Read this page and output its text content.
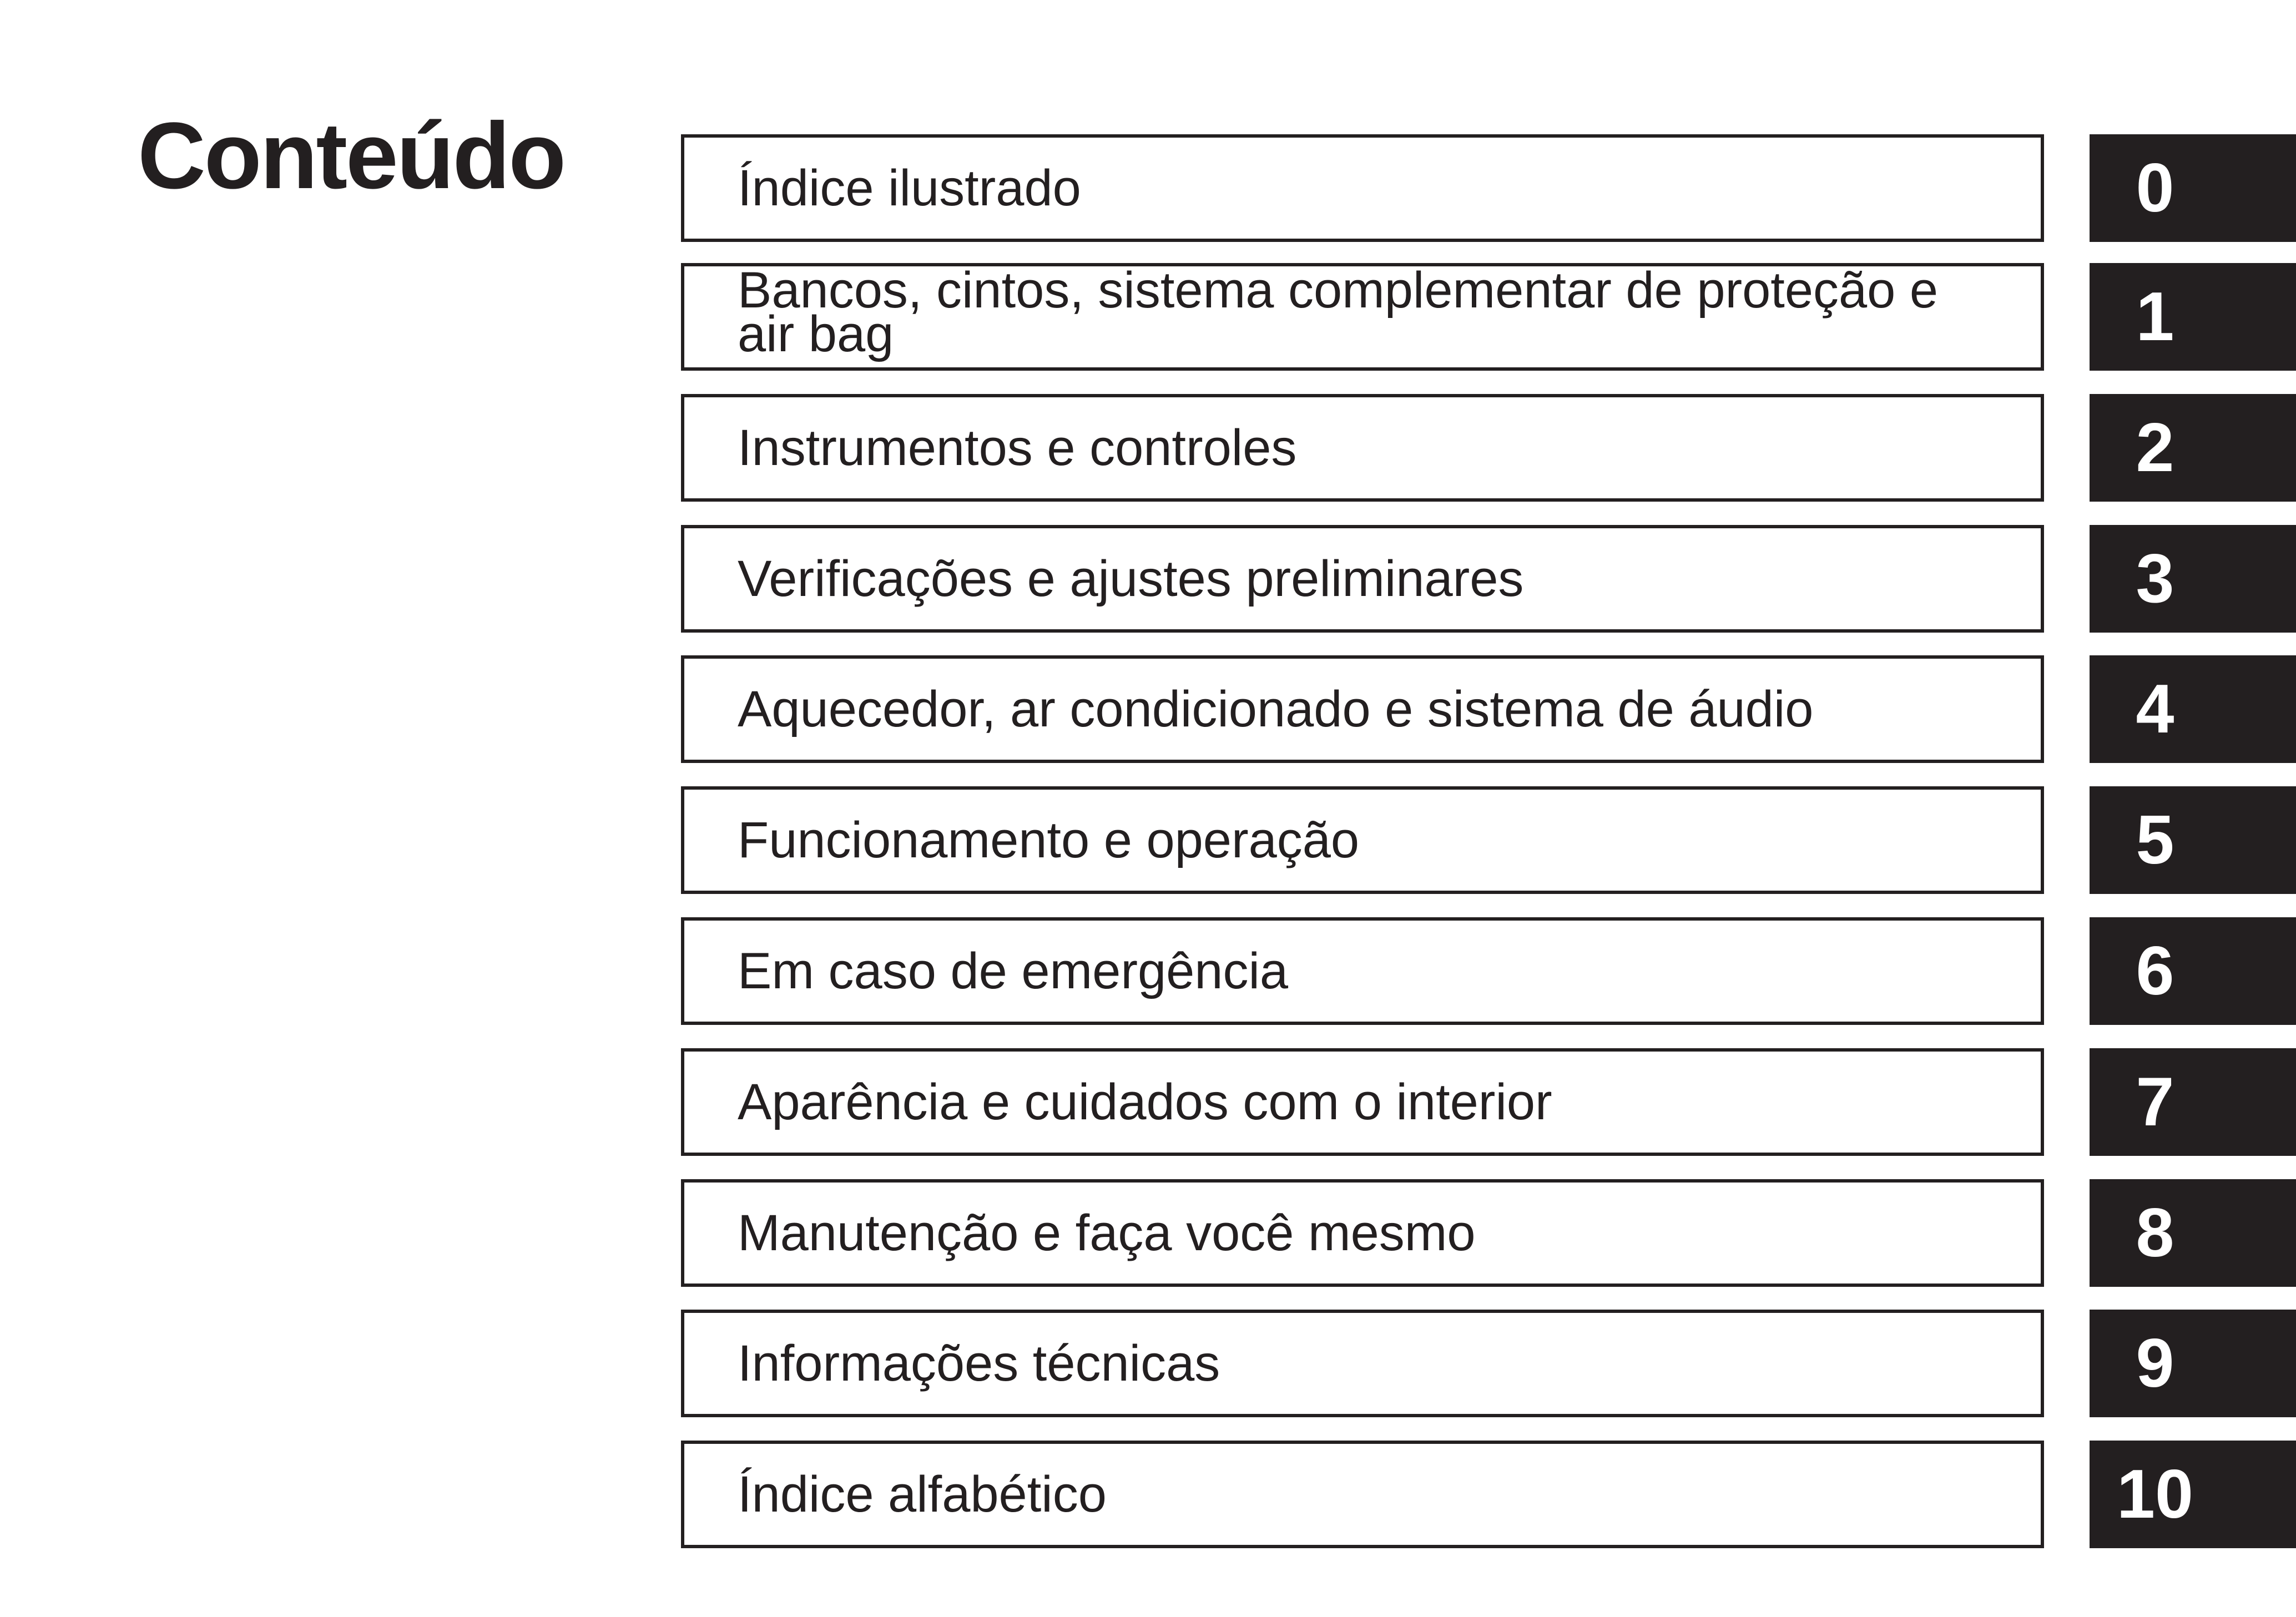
Conteúdo	Índice ilustrado	0
Bancos, cintos, sistema complementar de proteção e air bag	1
Instrumentos e controles	2
Verificações e ajustes preliminares	3
Aquecedor, ar condicionado e sistema de áudio	4
Funcionamento e operação	5
Em caso de emergência	6
Aparência e cuidados com o interior	7
Manutenção e faça você mesmo	8
Informações técnicas	9
Índice alfabético	10
